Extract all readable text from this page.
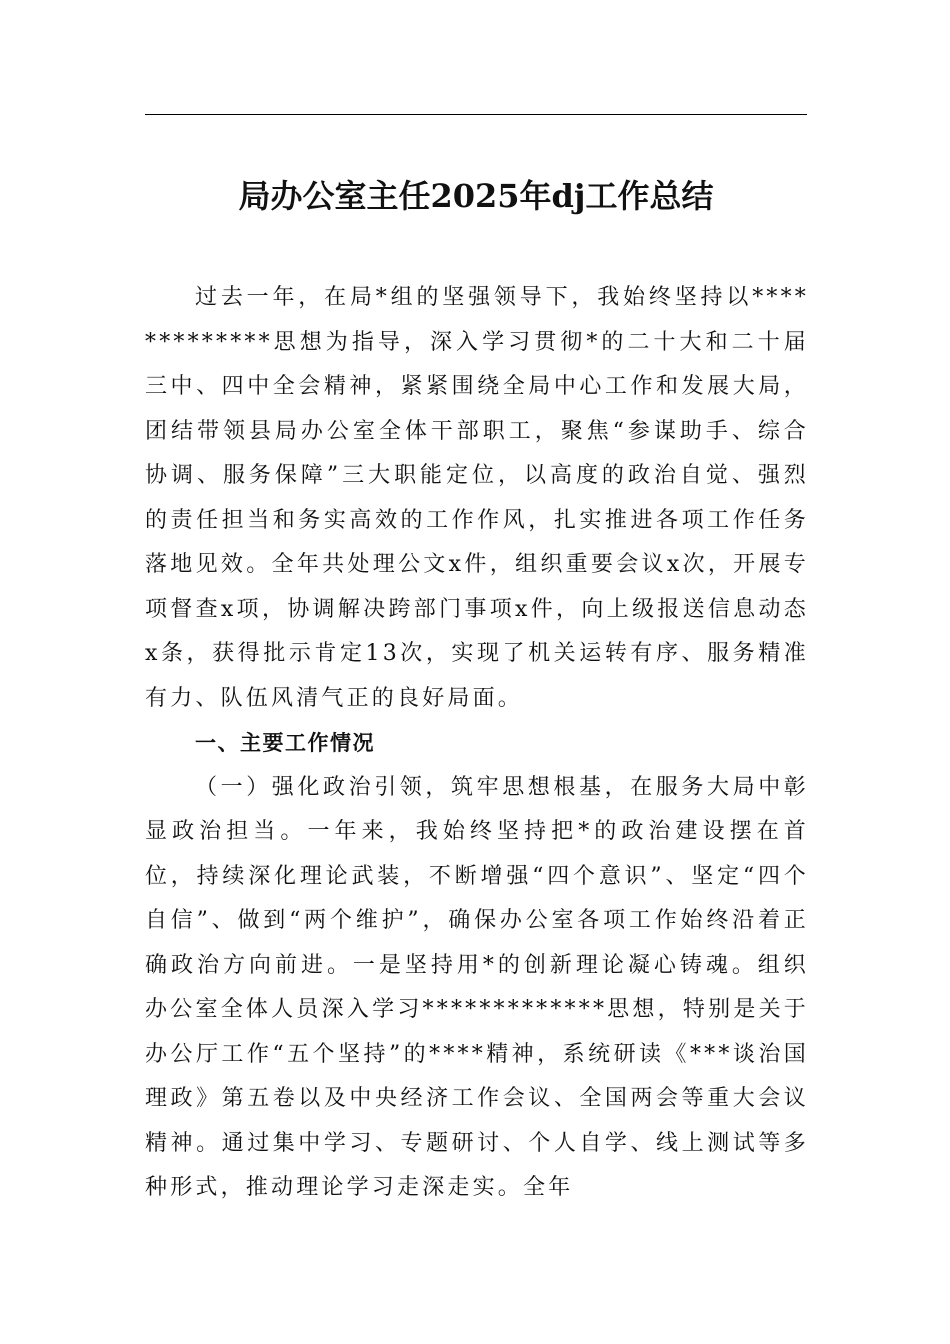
局办公室主任2025年dj工作总结

过去一年，在局*组的坚强领导下，我始终坚持以*************思想为指导，深入学习贯彻*的二十大和二十届三中、四中全会精神，紧紧围绕全局中心工作和发展大局，团结带领县局办公室全体干部职工，聚焦“参谋助手、综合协调、服务保障”三大职能定位，以高度的政治自觉、强烈的责任担当和务实高效的工作作风，扎实推进各项工作任务落地见效。全年共处理公文x件，组织重要会议x次，开展专项督查x项，协调解决跨部门事项x件，向上级报送信息动态x条，获得批示肯定13次，实现了机关运转有序、服务精准有力、队伍风清气正的良好局面。

一、主要工作情况

（一）强化政治引领，筑牢思想根基，在服务大局中彰显政治担当。一年来，我始终坚持把*的政治建设摆在首位，持续深化理论武装，不断增强“四个意识”、坚定“四个自信”、做到“两个维护”，确保办公室各项工作始终沿着正确政治方向前进。一是坚持用*的创新理论凝心铸魂。组织办公室全体人员深入学习*************思想，特别是关于办公厅工作“五个坚持”的****精神，系统研读《***谈治国理政》第五卷以及中央经济工作会议、全国两会等重大会议精神。通过集中学习、专题研讨、个人自学、线上测试等多种形式，推动理论学习走深走实。全年
